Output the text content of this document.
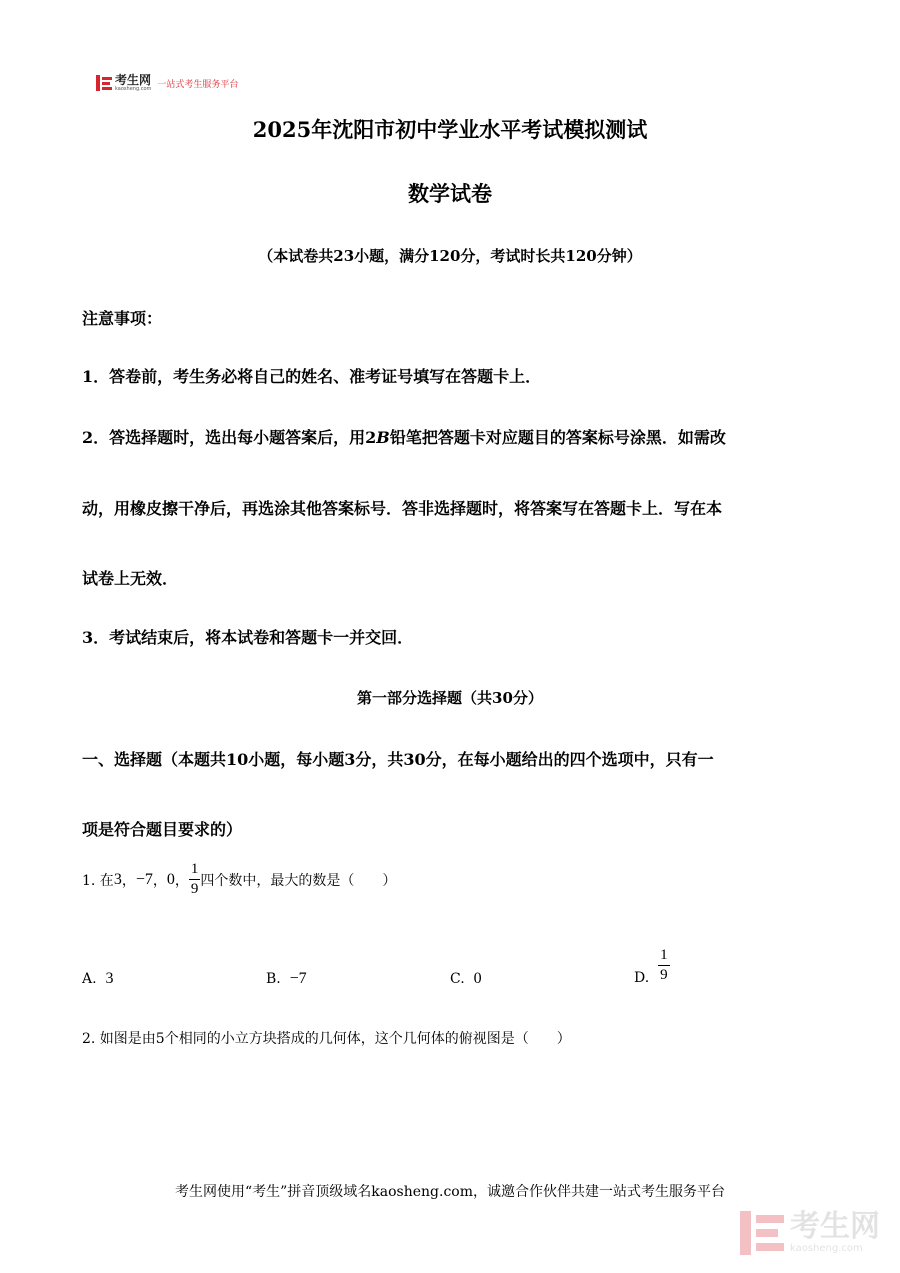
考生网
kaosheng.com 一站式考生服务平台
2025年沈阳市初中学业水平考试模拟测试
数学试卷
（本试卷共23小题，满分120分，考试时长共120分钟）
注意事项：
1．答卷前，考生务必将自己的姓名、准考证号填写在答题卡上．
2．答选择题时，选出每小题答案后，用2B铅笔把答题卡对应题目的答案标号涂黑．如需改
动，用橡皮擦干净后，再选涂其他答案标号．答非选择题时，将答案写在答题卡上．写在本
试卷上无效．
3．考试结束后，将本试卷和答题卡一并交回．
第一部分选择题（共30分）
一、选择题（本题共10小题，每小题3分，共30分，在每小题给出的四个选项中，只有一
项是符合题目要求的）
1. 在 3 ， −7 ， 0 ， $\frac{1}{9}$ 四个数中，最大的数是（　　）
A. 3	B. −7	C. 0	D.
$\frac{1}{9}$
2. 如图是由5个相同的小立方块搭成的几何体，这个几何体的俯视图是（　　）
考生网使用“考生”拼音顶级域名kaosheng.com，诚邀合作伙伴共建一站式考生服务平台
考生网
kaosheng.com
